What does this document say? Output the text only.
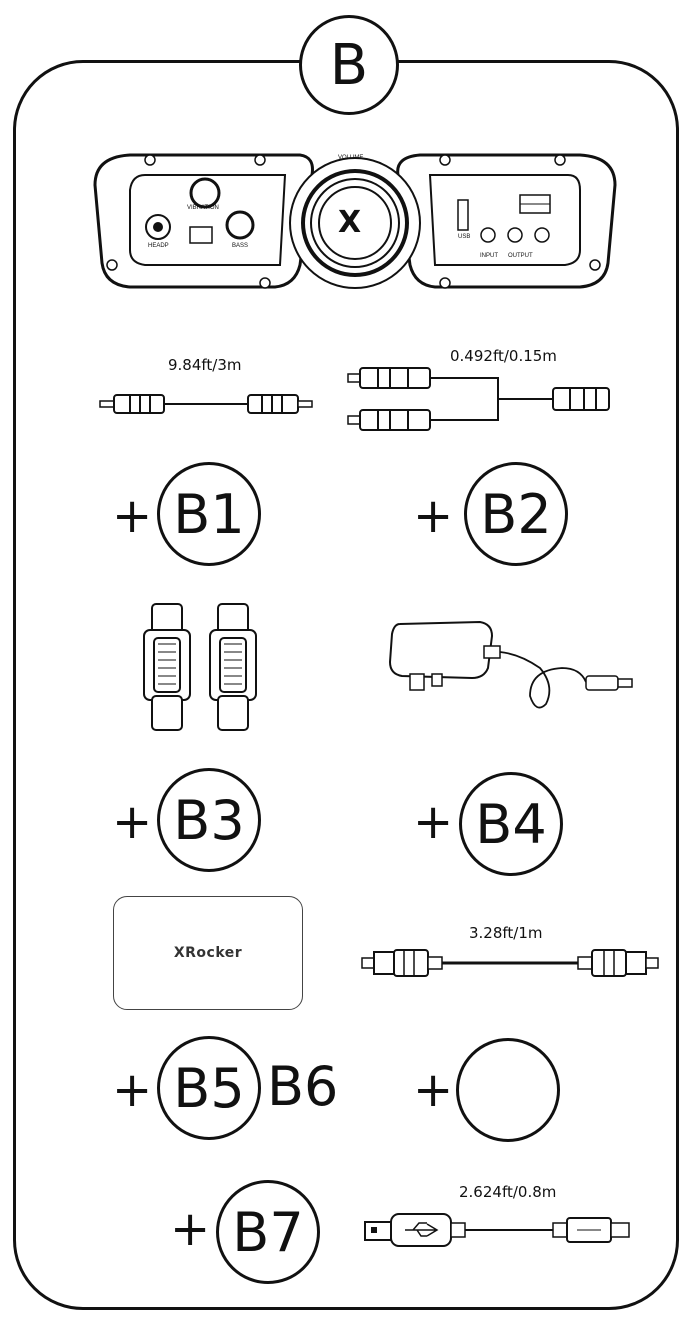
B
X
HEADP
VIBRATION
BASS
VOLUME
USB
INPUT OUTPUT
9.84ft/3m	0.492ft/0.15m
+ B1	+ B2
+ B3	+ B4
XRocker
3.28ft/1m
+ B5 B6 +
2.624ft/0.8m
+ B7
